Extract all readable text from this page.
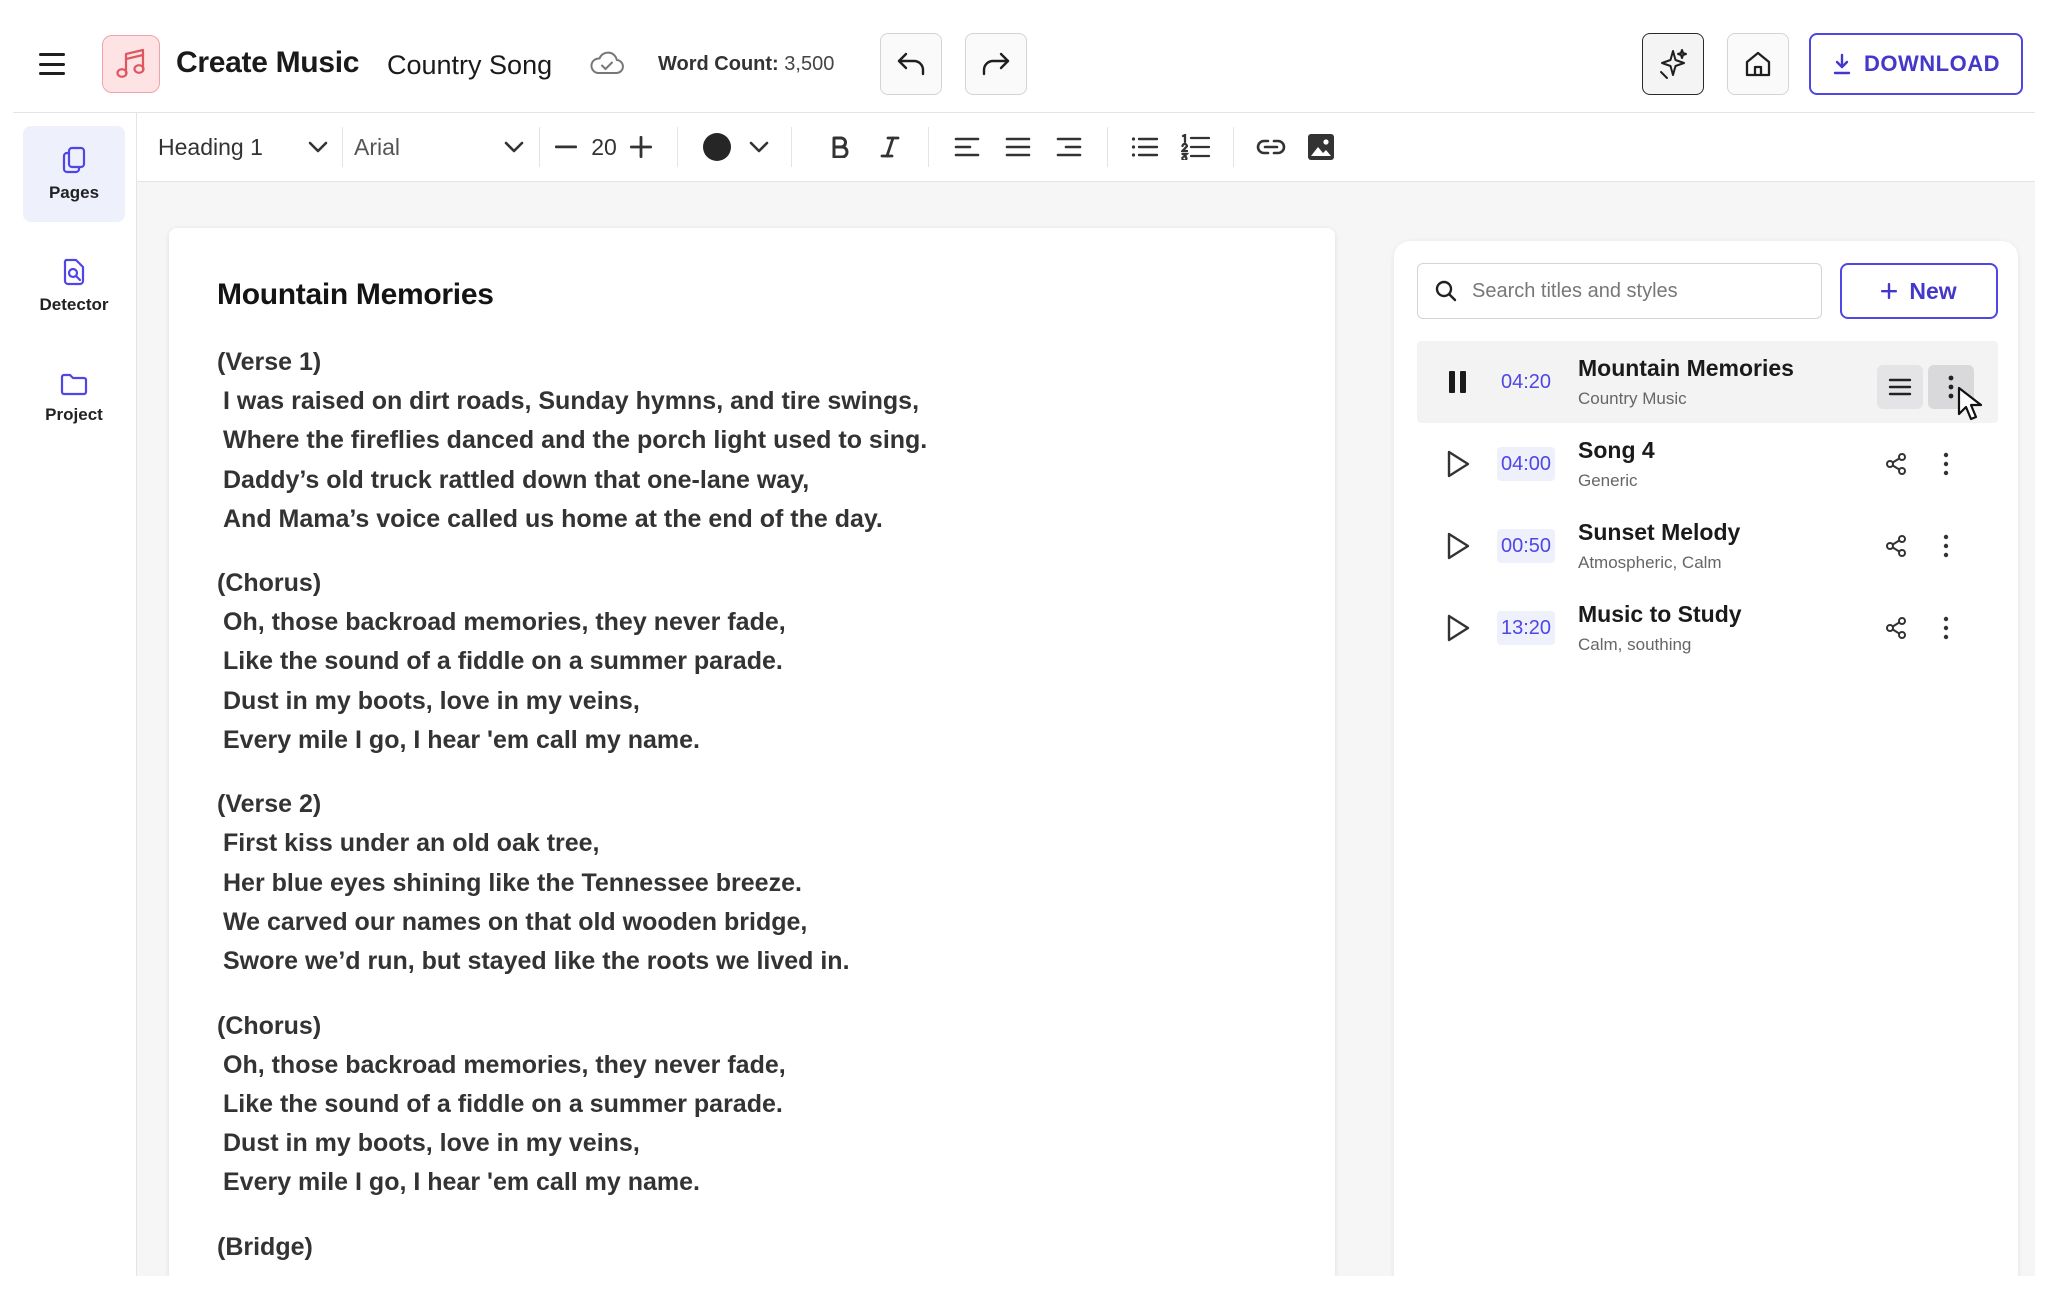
Create Music Country Song	Word Count: 3,500	DOWNLOAD
Pages
Detector
Project
Heading 1	Arial	20
Mountain Memories
(Verse 1)
I was raised on dirt roads, Sunday hymns, and tire swings,
Where the fireflies danced and the porch light used to sing.
Daddy’s old truck rattled down that one-lane way,
And Mama’s voice called us home at the end of the day.
(Chorus)
Oh, those backroad memories, they never fade,
Like the sound of a fiddle on a summer parade.
Dust in my boots, love in my veins,
Every mile I go, I hear 'em call my name.
(Verse 2)
First kiss under an old oak tree,
Her blue eyes shining like the Tennessee breeze.
We carved our names on that old wooden bridge,
Swore we’d run, but stayed like the roots we lived in.
(Chorus)
Oh, those backroad memories, they never fade,
Like the sound of a fiddle on a summer parade.
Dust in my boots, love in my veins,
Every mile I go, I hear 'em call my name.
(Bridge)
Search titles and styles
New
04:20
Mountain Memories
Country Music
04:00
Song 4
Generic
00:50
Sunset Melody
Atmospheric, Calm
13:20
Music to Study
Calm, southing
